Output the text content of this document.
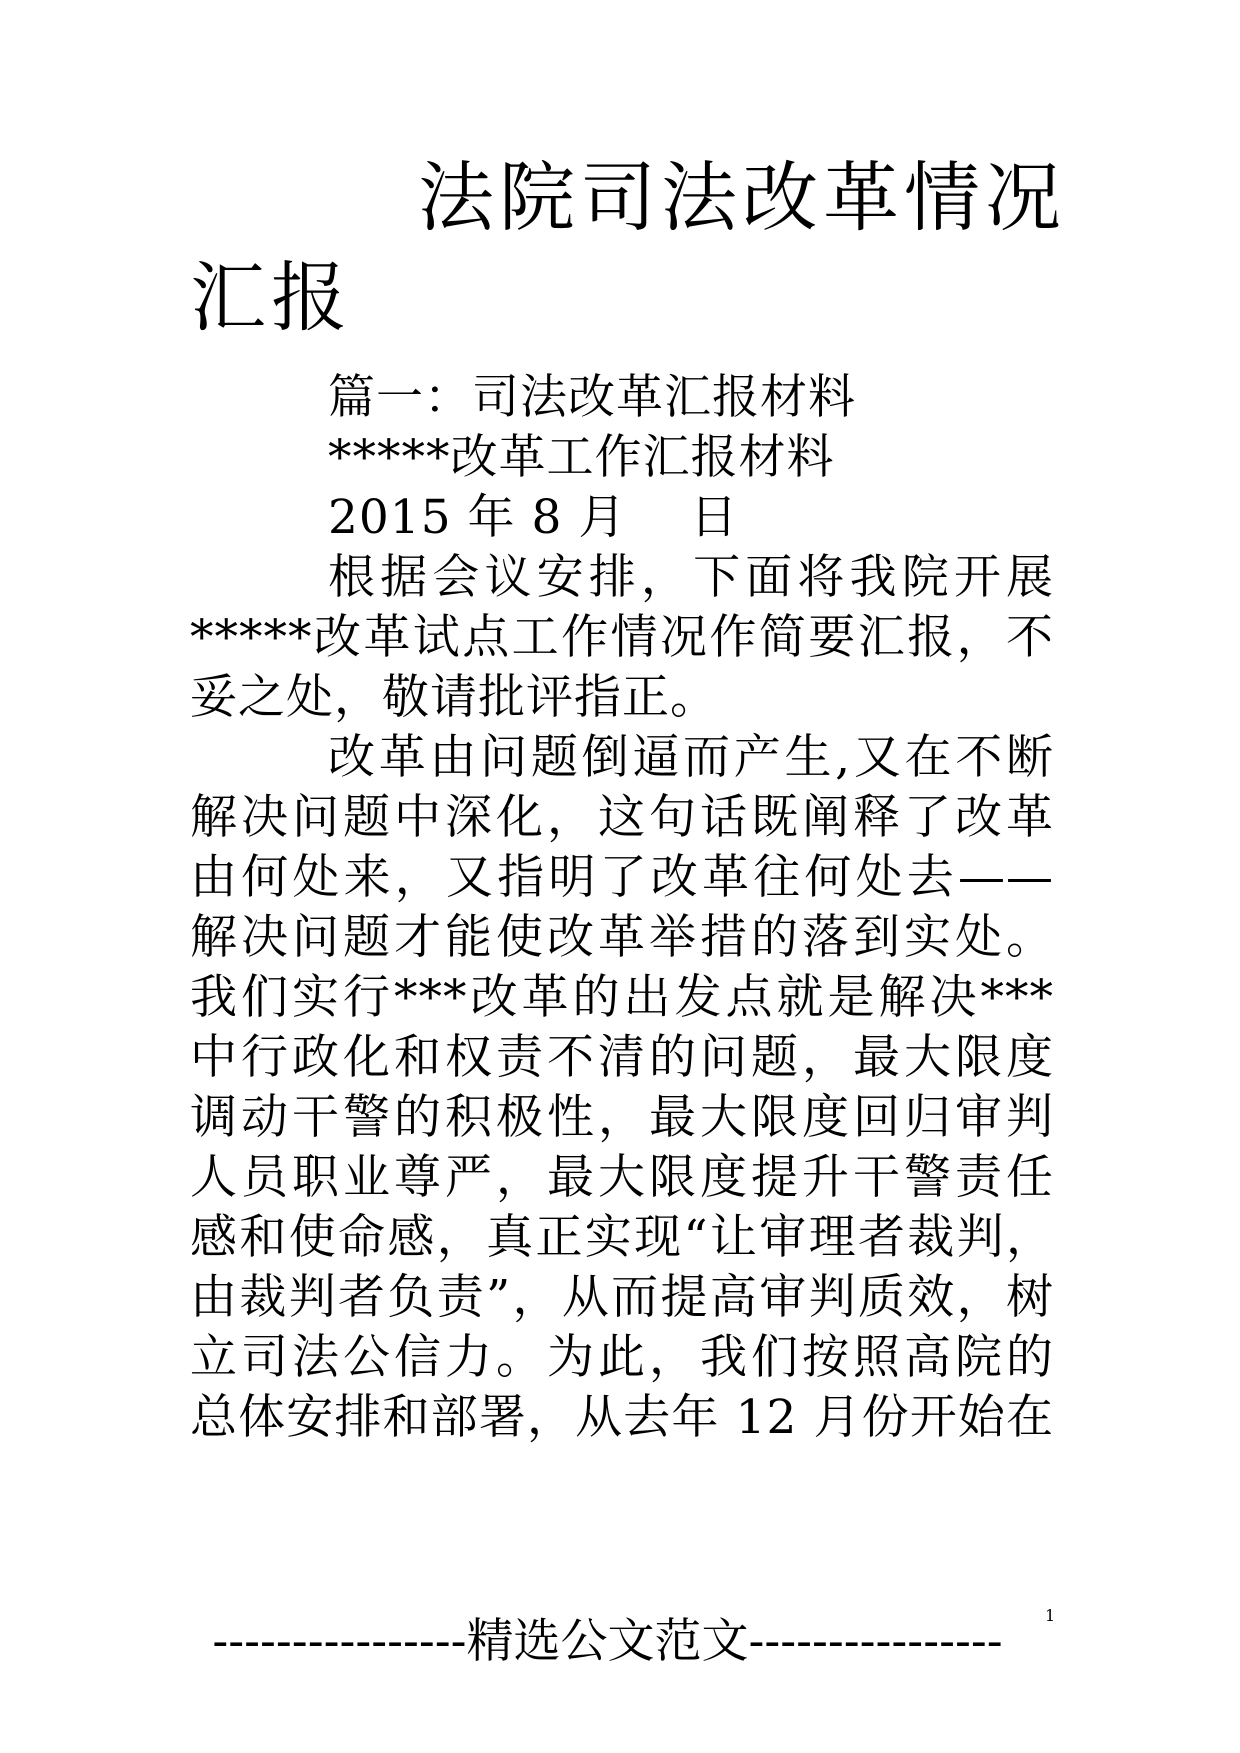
法院司法改革情况
汇报
篇一：司法改革汇报材料
*****改革工作汇报材料
2015 年 8 月　 日
根据会议安排，下面将我院开展
*****改革试点工作情况作简要汇报，不
妥之处，敬请批评指正。
改革由问题倒逼而产生,又在不断
解决问题中深化，这句话既阐释了改革
由何处来，又指明了改革往何处去——
解决问题才能使改革举措的落到实处。
我们实行***改革的出发点就是解决***
中行政化和权责不清的问题，最大限度
调动干警的积极性，最大限度回归审判
人员职业尊严，最大限度提升干警责任
感和使命感，真正实现“让审理者裁判，
由裁判者负责”，从而提高审判质效，树
立司法公信力。为此，我们按照高院的
总体安排和部署，从去年 12 月份开始在
1
----------------精选公文范文----------------
